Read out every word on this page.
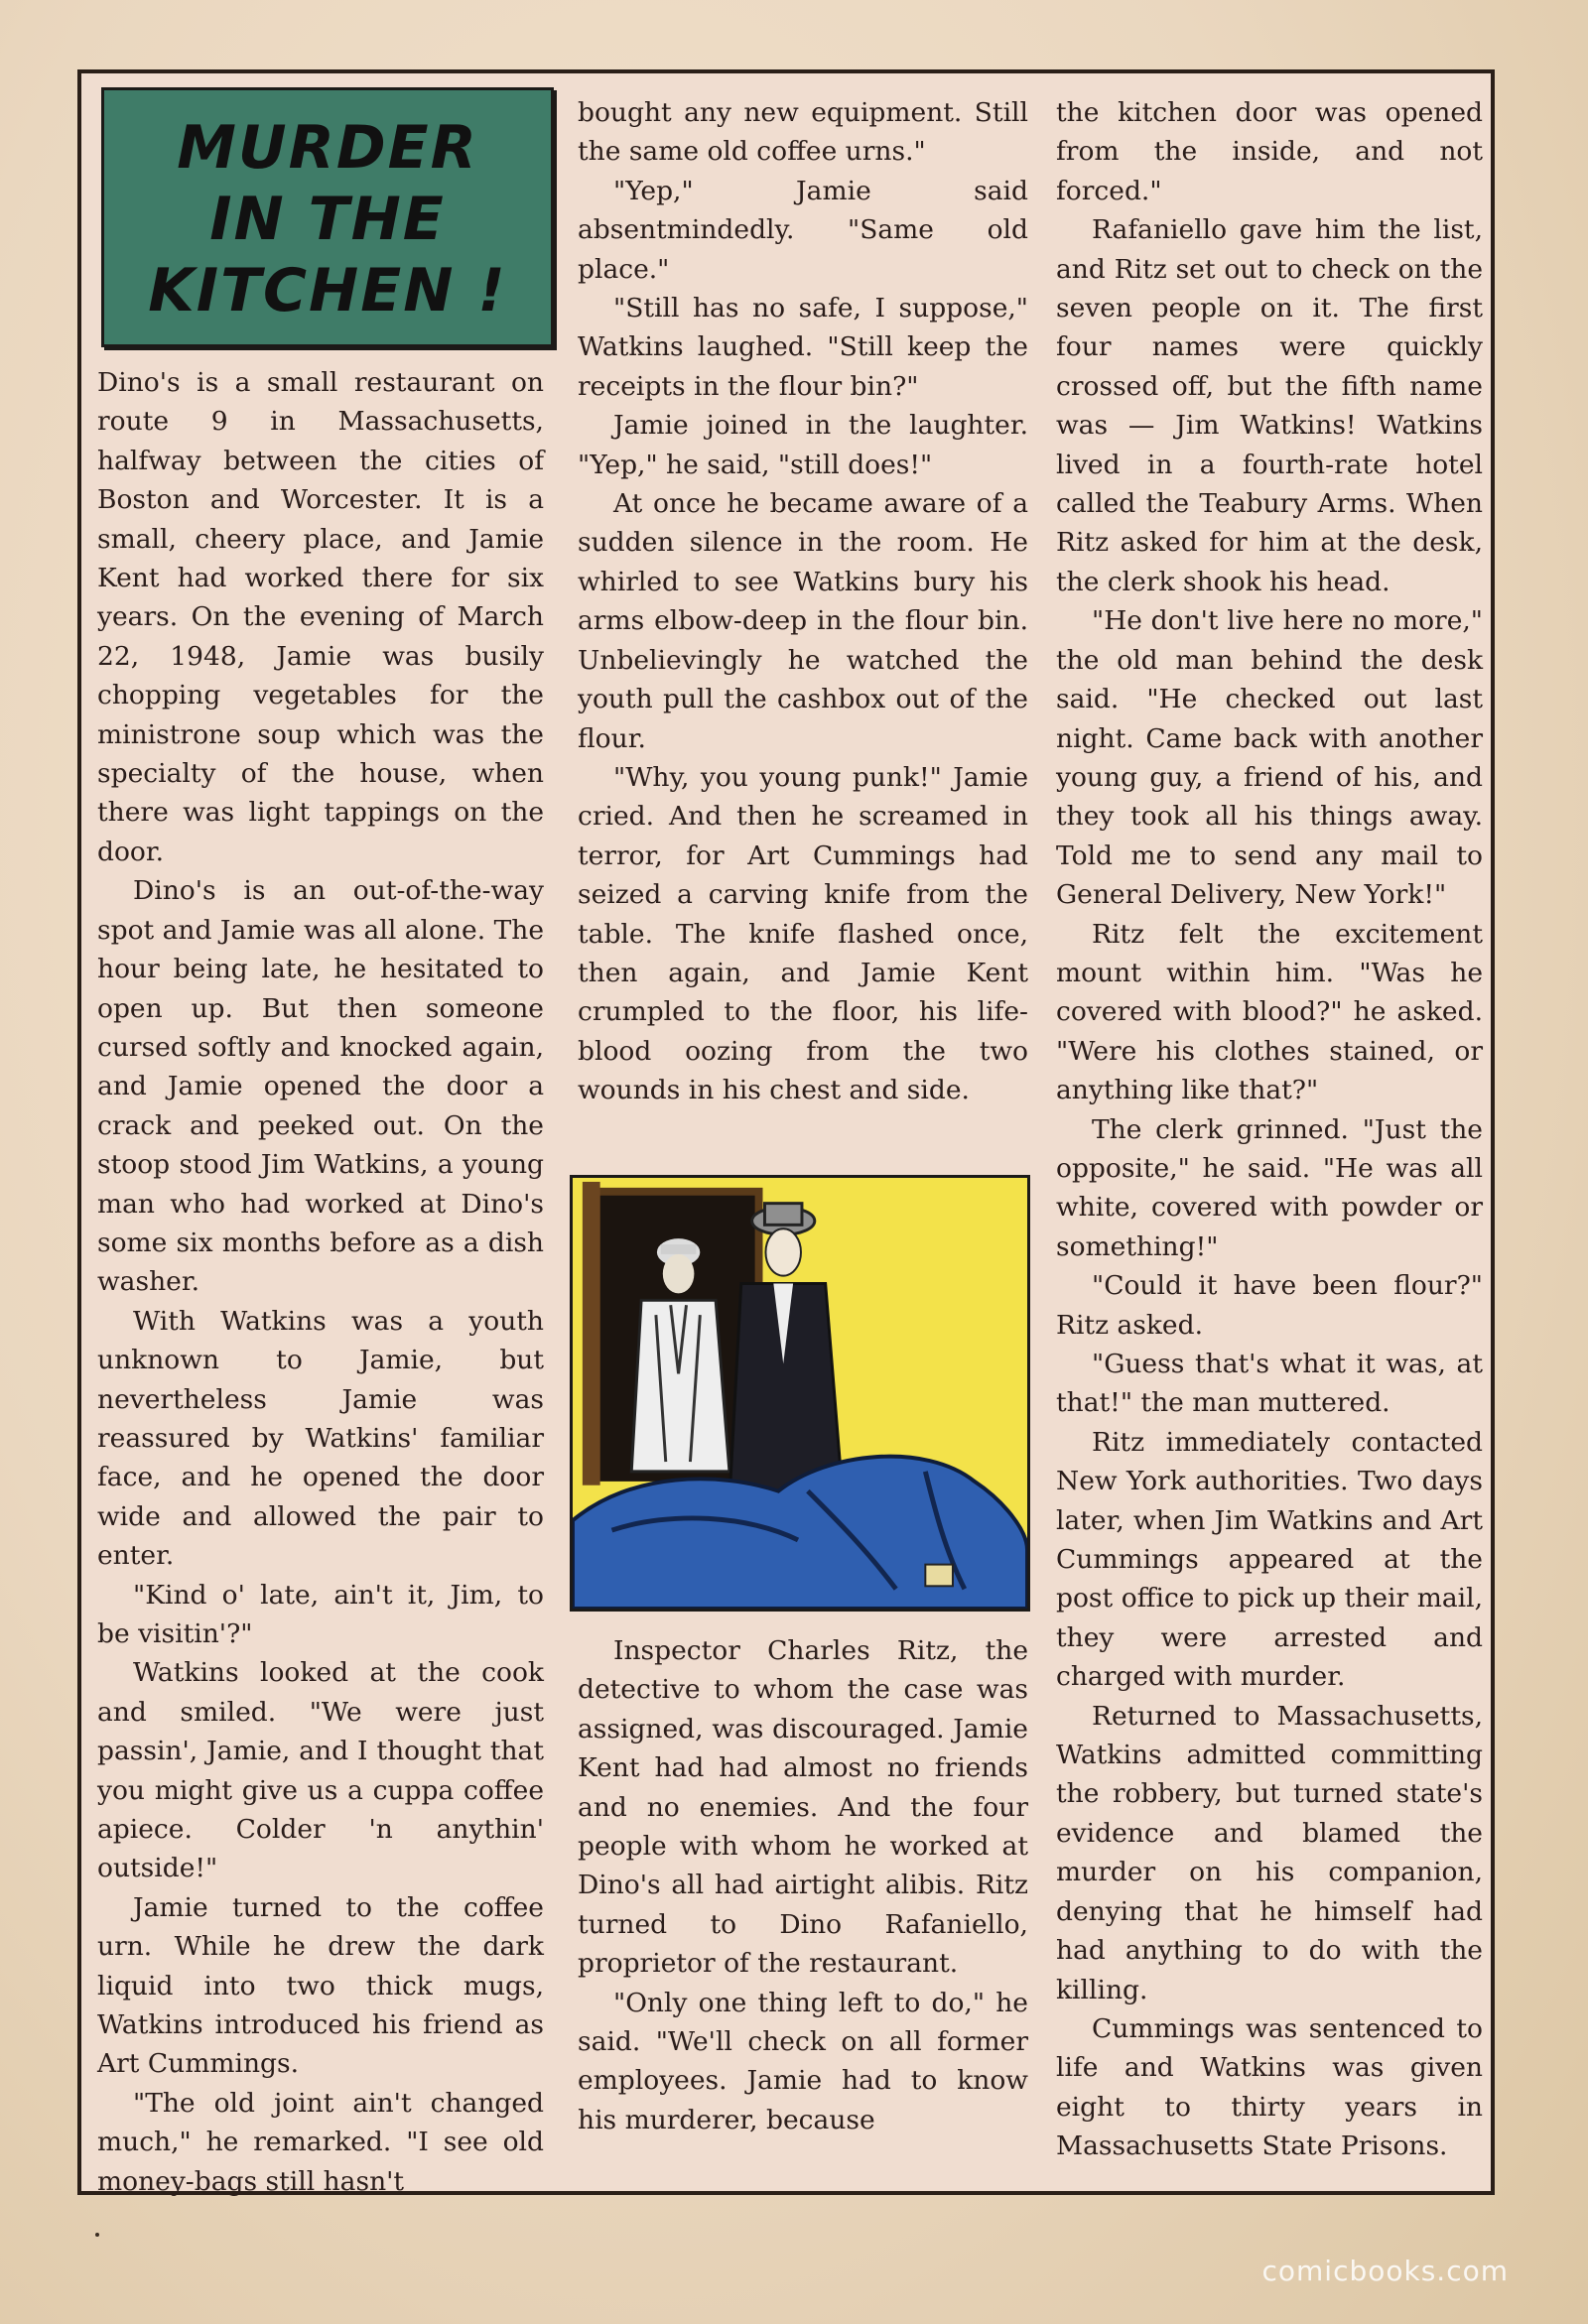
MURDER
IN THE
KITCHEN !

Dino's is a small restaurant on route 9 in Massachusetts, halfway between the cities of Boston and Worcester. It is a small, cheery place, and Jamie Kent had worked there for six years. On the evening of March 22, 1948, Jamie was busily chopping vegetables for the ministrone soup which was the specialty of the house, when there was light tappings on the door.

Dino's is an out-of-the-way spot and Jamie was all alone. The hour being late, he hesitated to open up. But then someone cursed softly and knocked again, and Jamie opened the door a crack and peeked out. On the stoop stood Jim Watkins, a young man who had worked at Dino's some six months before as a dish washer.

With Watkins was a youth unknown to Jamie, but nevertheless Jamie was reassured by Watkins' familiar face, and he opened the door wide and allowed the pair to enter.

"Kind o' late, ain't it, Jim, to be visitin'?"

Watkins looked at the cook and smiled. "We were just passin', Jamie, and I thought that you might give us a cuppa coffee apiece. Colder 'n anythin' outside!"

Jamie turned to the coffee urn. While he drew the dark liquid into two thick mugs, Watkins introduced his friend as Art Cummings.

"The old joint ain't changed much," he remarked. "I see old money-bags still hasn't

bought any new equipment. Still the same old coffee urns."

"Yep," Jamie said absentmindedly. "Same old place."

"Still has no safe, I suppose," Watkins laughed. "Still keep the receipts in the flour bin?"

Jamie joined in the laughter. "Yep," he said, "still does!"

At once he became aware of a sudden silence in the room. He whirled to see Watkins bury his arms elbow-deep in the flour bin. Unbelievingly he watched the youth pull the cashbox out of the flour.

"Why, you young punk!" Jamie cried. And then he screamed in terror, for Art Cummings had seized a carving knife from the table. The knife flashed once, then again, and Jamie Kent crumpled to the floor, his life-blood oozing from the two wounds in his chest and side.

Inspector Charles Ritz, the detective to whom the case was assigned, was discouraged. Jamie Kent had had almost no friends and no enemies. And the four people with whom he worked at Dino's all had airtight alibis. Ritz turned to Dino Rafaniello, proprietor of the restaurant.

"Only one thing left to do," he said. "We'll check on all former employees. Jamie had to know his murderer, because

the kitchen door was opened from the inside, and not forced."

Rafaniello gave him the list, and Ritz set out to check on the seven people on it. The first four names were quickly crossed off, but the fifth name was — Jim Watkins! Watkins lived in a fourth-rate hotel called the Teabury Arms. When Ritz asked for him at the desk, the clerk shook his head.

"He don't live here no more," the old man behind the desk said. "He checked out last night. Came back with another young guy, a friend of his, and they took all his things away. Told me to send any mail to General Delivery, New York!"

Ritz felt the excitement mount within him. "Was he covered with blood?" he asked. "Were his clothes stained, or anything like that?"

The clerk grinned. "Just the opposite," he said. "He was all white, covered with powder or something!"

"Could it have been flour?" Ritz asked.

"Guess that's what it was, at that!" the man muttered.

Ritz immediately contacted New York authorities. Two days later, when Jim Watkins and Art Cummings appeared at the post office to pick up their mail, they were arrested and charged with murder.

Returned to Massachusetts, Watkins admitted committing the robbery, but turned state's evidence and blamed the murder on his companion, denying that he himself had had anything to do with the killing.

Cummings was sentenced to life and Watkins was given eight to thirty years in Massachusetts State Prisons.

comicbooks.com
